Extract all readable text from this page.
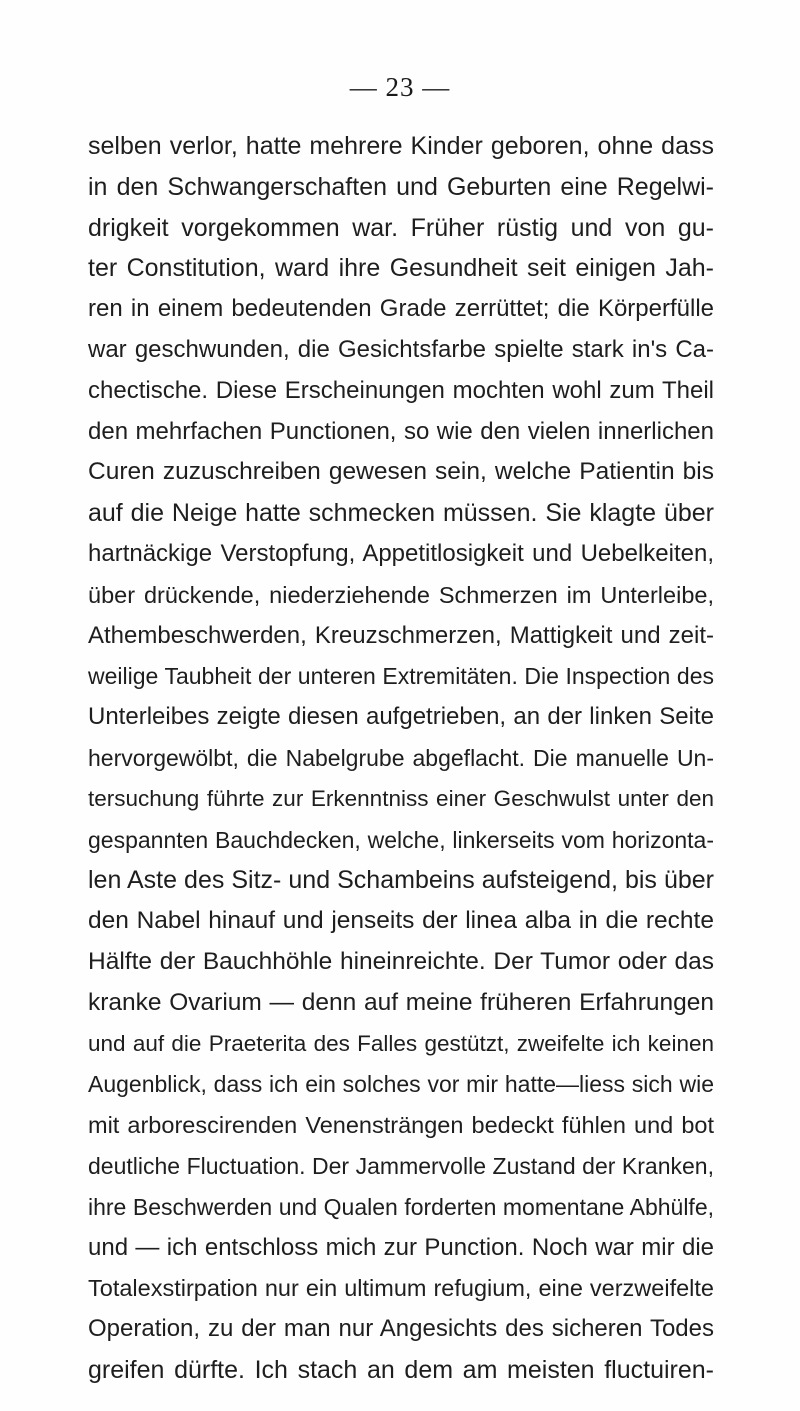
— 23 —
selben verlor, hatte mehrere Kinder geboren, ohne dass
in den Schwangerschaften und Geburten eine Regelwi-
drigkeit vorgekommen war. Früher rüstig und von gu-
ter Constitution, ward ihre Gesundheit seit einigen Jah-
ren in einem bedeutenden Grade zerrüttet; die Körperfülle
war geschwunden, die Gesichtsfarbe spielte stark in's Ca-
chectische. Diese Erscheinungen mochten wohl zum Theil
den mehrfachen Punctionen, so wie den vielen innerlichen
Curen zuzuschreiben gewesen sein, welche Patientin bis
auf die Neige hatte schmecken müssen. Sie klagte über
hartnäckige Verstopfung, Appetitlosigkeit und Uebelkeiten,
über drückende, niederziehende Schmerzen im Unterleibe,
Athembeschwerden, Kreuzschmerzen, Mattigkeit und zeit-
weilige Taubheit der unteren Extremitäten. Die Inspection des
Unterleibes zeigte diesen aufgetrieben, an der linken Seite
hervorgewölbt, die Nabelgrube abgeflacht. Die manuelle Un-
tersuchung führte zur Erkenntniss einer Geschwulst unter den
gespannten Bauchdecken, welche, linkerseits vom horizonta-
len Aste des Sitz- und Schambeins aufsteigend, bis über
den Nabel hinauf und jenseits der linea alba in die rechte
Hälfte der Bauchhöhle hineinreichte. Der Tumor oder das
kranke Ovarium — denn auf meine früheren Erfahrungen
und auf die Praeterita des Falles gestützt, zweifelte ich keinen
Augenblick, dass ich ein solches vor mir hatte—liess sich wie
mit arborescirenden Venensträngen bedeckt fühlen und bot
deutliche Fluctuation. Der Jammervolle Zustand der Kranken,
ihre Beschwerden und Qualen forderten momentane Abhülfe,
und — ich entschloss mich zur Punction. Noch war mir die
Totalexstirpation nur ein ultimum refugium, eine verzweifelte
Operation, zu der man nur Angesichts des sicheren Todes
greifen dürfte. Ich stach an dem am meisten fluctuiren-
